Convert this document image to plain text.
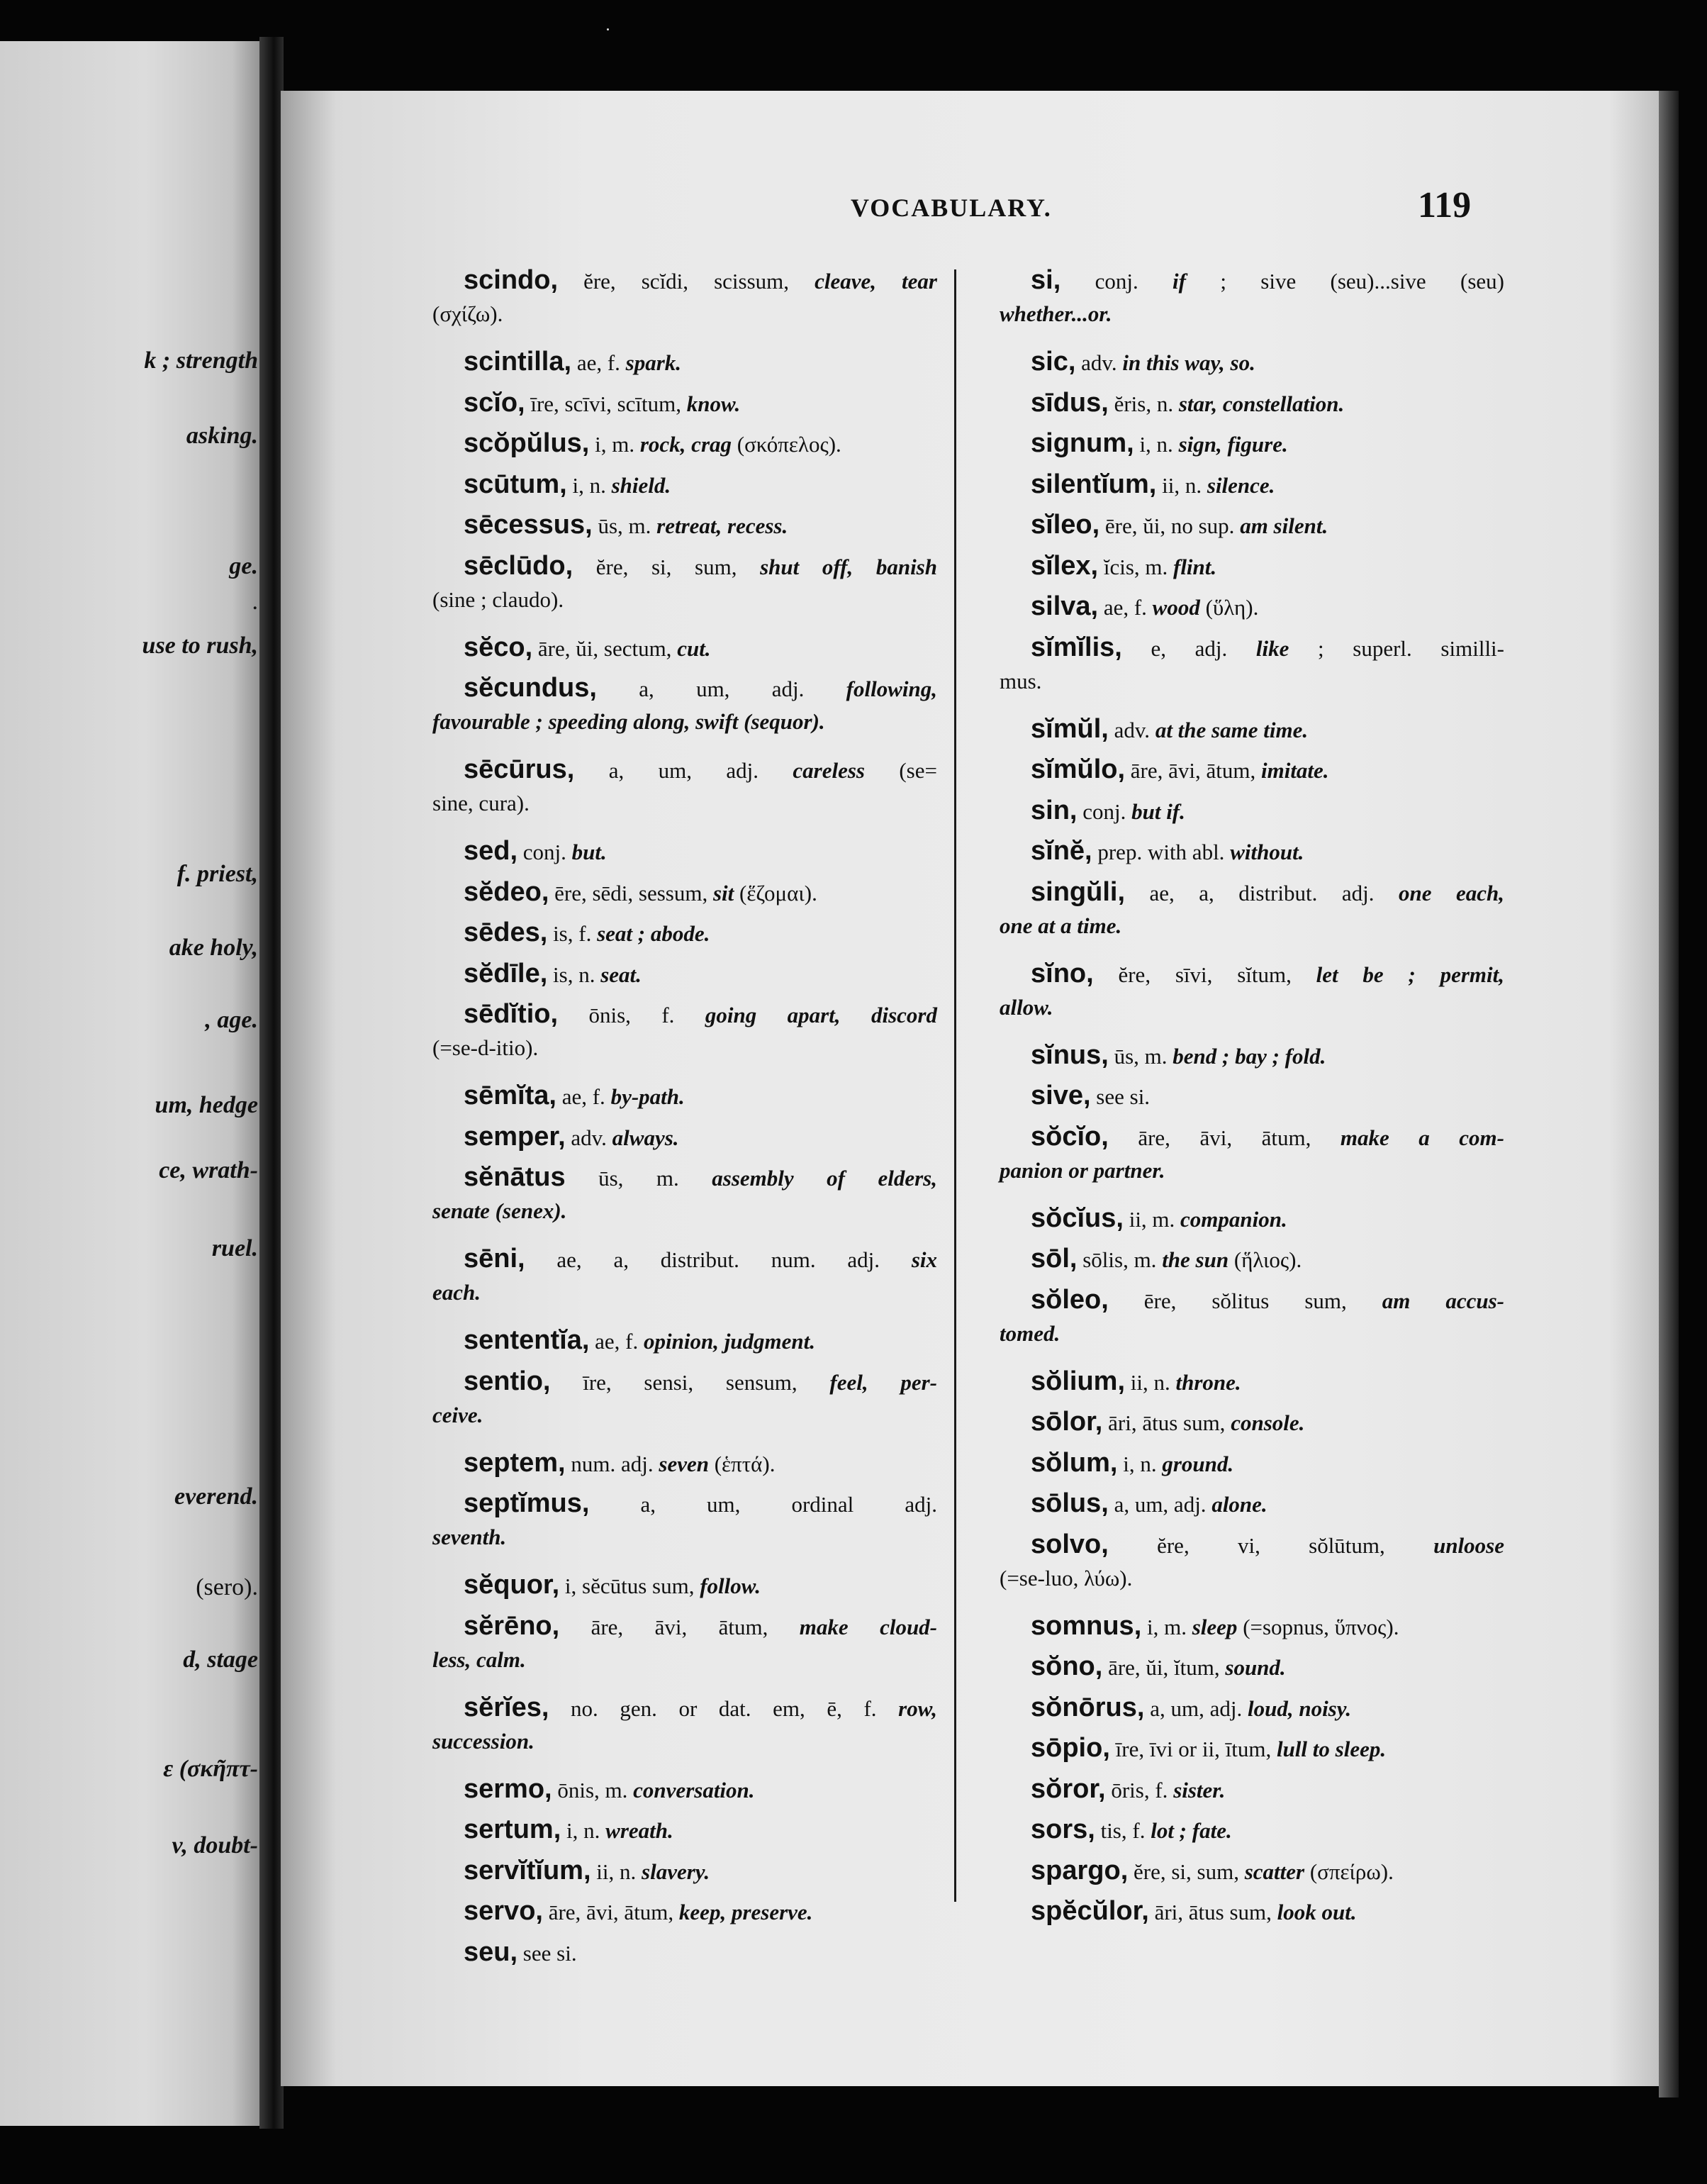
k ; strength
asking.
ge.
.
use to rush,
f. priest,
ake holy,
, age.
um, hedge
ce, wrath-
ruel.
everend.
(sero).
d, stage
ε (σκῆπτ-
v, doubt-
VOCABULARY.	119
scindo, ĕre, scĭdi, scissum, cleave, tear
(σχίζω).
scintilla, ae, f. spark.
scĭo, īre, scīvi, scītum, know.
scŏpŭlus, i, m. rock, crag (σκόπελος).
scūtum, i, n. shield.
sēcessus, ūs, m. retreat, recess.
sēclūdo, ĕre, si, sum, shut off, banish
(sine ; claudo).
sĕco, āre, ŭi, sectum, cut.
sĕcundus, a, um, adj. following,
favourable ; speeding along, swift (sequor).
sēcūrus, a, um, adj. careless (se=
sine, cura).
sed, conj. but.
sĕdeo, ēre, sēdi, sessum, sit (ἕζομαι).
sēdes, is, f. seat ; abode.
sĕdīle, is, n. seat.
sēdĭtio, ōnis, f. going apart, discord
(=se-d-itio).
sēmĭta, ae, f. by-path.
semper, adv. always.
sĕnātus ūs, m. assembly of elders,
senate (senex).
sēni, ae, a, distribut. num. adj. six
each.
sententĭa, ae, f. opinion, judgment.
sentio, īre, sensi, sensum, feel, per-
ceive.
septem, num. adj. seven (ἑπτά).
septĭmus, a, um, ordinal adj.
seventh.
sĕquor, i, sĕcūtus sum, follow.
sĕrēno, āre, āvi, ātum, make cloud-
less, calm.
sĕrĭes, no. gen. or dat. em, ē, f. row,
succession.
sermo, ōnis, m. conversation.
sertum, i, n. wreath.
servĭtĭum, ii, n. slavery.
servo, āre, āvi, ātum, keep, preserve.
seu, see si.
si, conj. if ; sive (seu)...sive (seu)
whether...or.
sic, adv. in this way, so.
sīdus, ĕris, n. star, constellation.
signum, i, n. sign, figure.
silentĭum, ii, n. silence.
sĭleo, ēre, ŭi, no sup. am silent.
sĭlex, ĭcis, m. flint.
silva, ae, f. wood (ὕλη).
sĭmĭlis, e, adj. like ; superl. similli-
mus.
sĭmŭl, adv. at the same time.
sĭmŭlo, āre, āvi, ātum, imitate.
sin, conj. but if.
sĭnĕ, prep. with abl. without.
singŭli, ae, a, distribut. adj. one each,
one at a time.
sĭno, ĕre, sīvi, sĭtum, let be ; permit,
allow.
sĭnus, ūs, m. bend ; bay ; fold.
sive, see si.
sŏcĭo, āre, āvi, ātum, make a com-
panion or partner.
sŏcĭus, ii, m. companion.
sōl, sōlis, m. the sun (ἥλιος).
sŏleo, ēre, sŏlitus sum, am accus-
tomed.
sŏlium, ii, n. throne.
sōlor, āri, ātus sum, console.
sŏlum, i, n. ground.
sōlus, a, um, adj. alone.
solvo, ĕre, vi, sŏlūtum, unloose
(=se-luo, λύω).
somnus, i, m. sleep (=sopnus, ὕπνος).
sŏno, āre, ŭi, ĭtum, sound.
sŏnōrus, a, um, adj. loud, noisy.
sōpio, īre, īvi or ii, ītum, lull to sleep.
sŏror, ōris, f. sister.
sors, tis, f. lot ; fate.
spargo, ĕre, si, sum, scatter (σπείρω).
spĕcŭlor, āri, ātus sum, look out.
